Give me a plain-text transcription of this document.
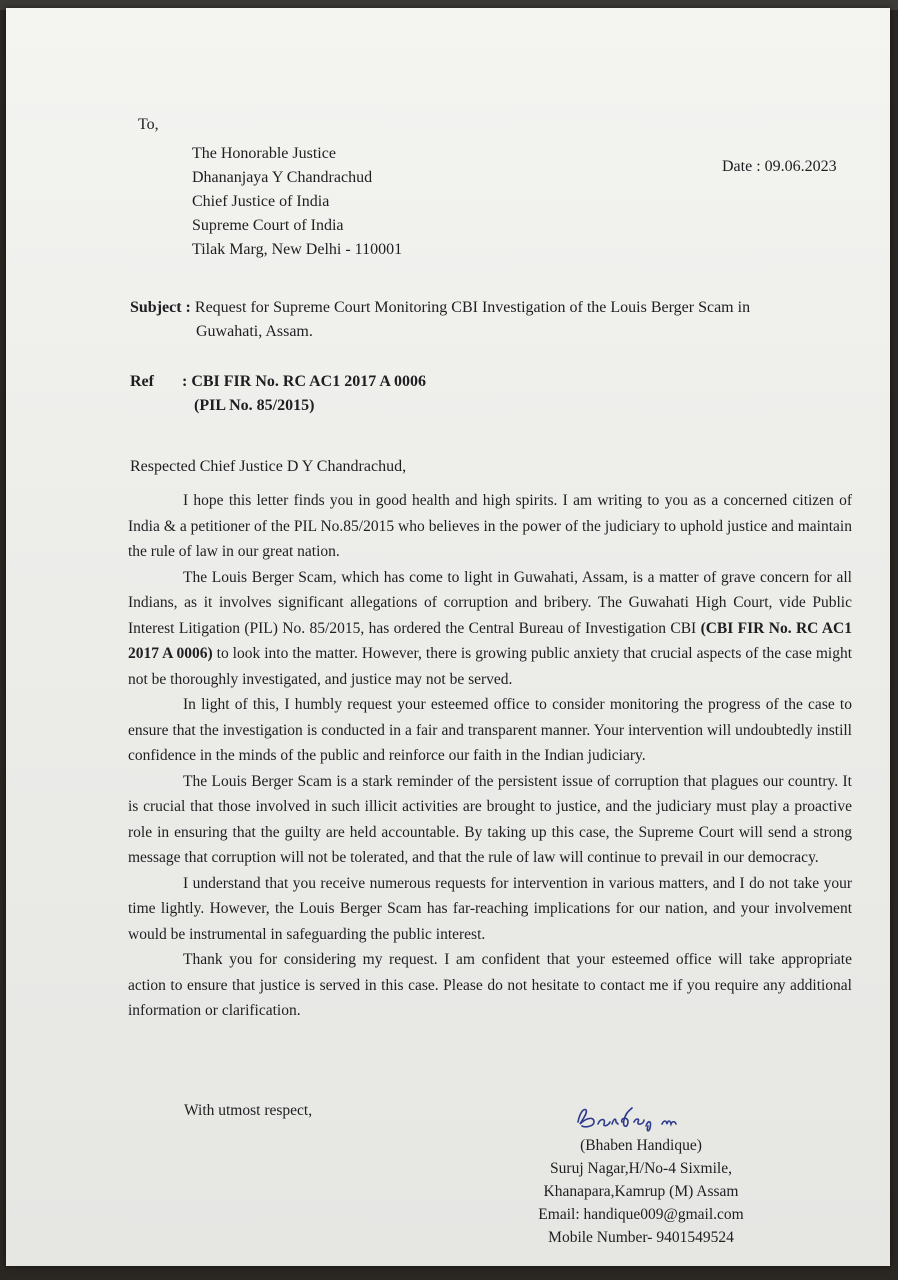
To,

The Honorable Justice
Dhananjaya Y Chandrachud
Chief Justice of India
Supreme Court of India
Tilak Marg, New Delhi - 110001

Date : 09.06.2023

Subject : Request for Supreme Court Monitoring CBI Investigation of the Louis Berger Scam in
Guwahati, Assam.
Ref : CBI FIR No. RC AC1 2017 A 0006
(PIL No. 85/2015)

Respected Chief Justice D Y Chandrachud,

I hope this letter finds you in good health and high spirits. I am writing to you as a concerned citizen of India & a petitioner of the PIL No.85/2015 who believes in the power of the judiciary to uphold justice and maintain the rule of law in our great nation.

The Louis Berger Scam, which has come to light in Guwahati, Assam, is a matter of grave concern for all Indians, as it involves significant allegations of corruption and bribery. The Guwahati High Court, vide Public Interest Litigation (PIL) No. 85/2015, has ordered the Central Bureau of Investigation CBI (CBI FIR No. RC AC1 2017 A 0006) to look into the matter. However, there is growing public anxiety that crucial aspects of the case might not be thoroughly investigated, and justice may not be served.

In light of this, I humbly request your esteemed office to consider monitoring the progress of the case to ensure that the investigation is conducted in a fair and transparent manner. Your intervention will undoubtedly instill confidence in the minds of the public and reinforce our faith in the Indian judiciary.

The Louis Berger Scam is a stark reminder of the persistent issue of corruption that plagues our country. It is crucial that those involved in such illicit activities are brought to justice, and the judiciary must play a proactive role in ensuring that the guilty are held accountable. By taking up this case, the Supreme Court will send a strong message that corruption will not be tolerated, and that the rule of law will continue to prevail in our democracy.

I understand that you receive numerous requests for intervention in various matters, and I do not take your time lightly. However, the Louis Berger Scam has far-reaching implications for our nation, and your involvement would be instrumental in safeguarding the public interest.

Thank you for considering my request. I am confident that your esteemed office will take appropriate action to ensure that justice is served in this case. Please do not hesitate to contact me if you require any additional information or clarification.

With utmost respect,

(Bhaben Handique)
Suruj Nagar,H/No-4 Sixmile,
Khanapara,Kamrup (M) Assam
Email: handique009@gmail.com
Mobile Number- 9401549524
